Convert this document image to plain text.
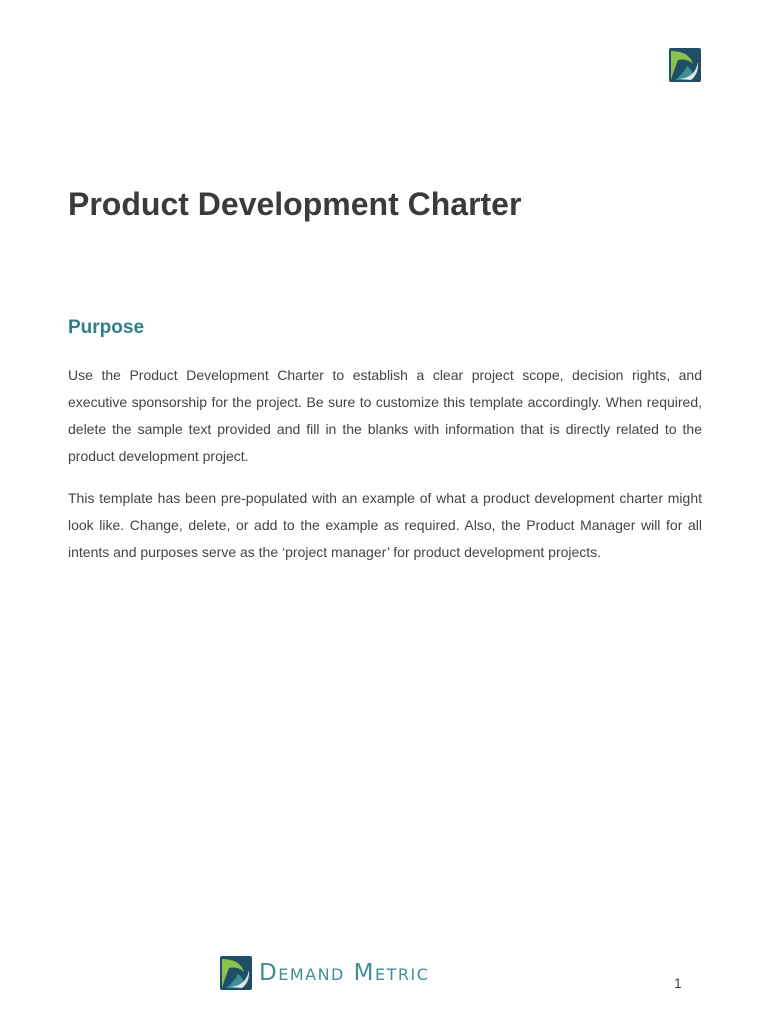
Product Development Charter
Purpose

Use the Product Development Charter to establish a clear project scope, decision rights, and executive sponsorship for the project. Be sure to customize this template accordingly. When required, delete the sample text provided and fill in the blanks with information that is directly related to the product development project.

This template has been pre-populated with an example of what a product development charter might look like. Change, delete, or add to the example as required. Also, the Product Manager will for all intents and purposes serve as the ‘project manager’ for product development projects.

Demand Metric	1
